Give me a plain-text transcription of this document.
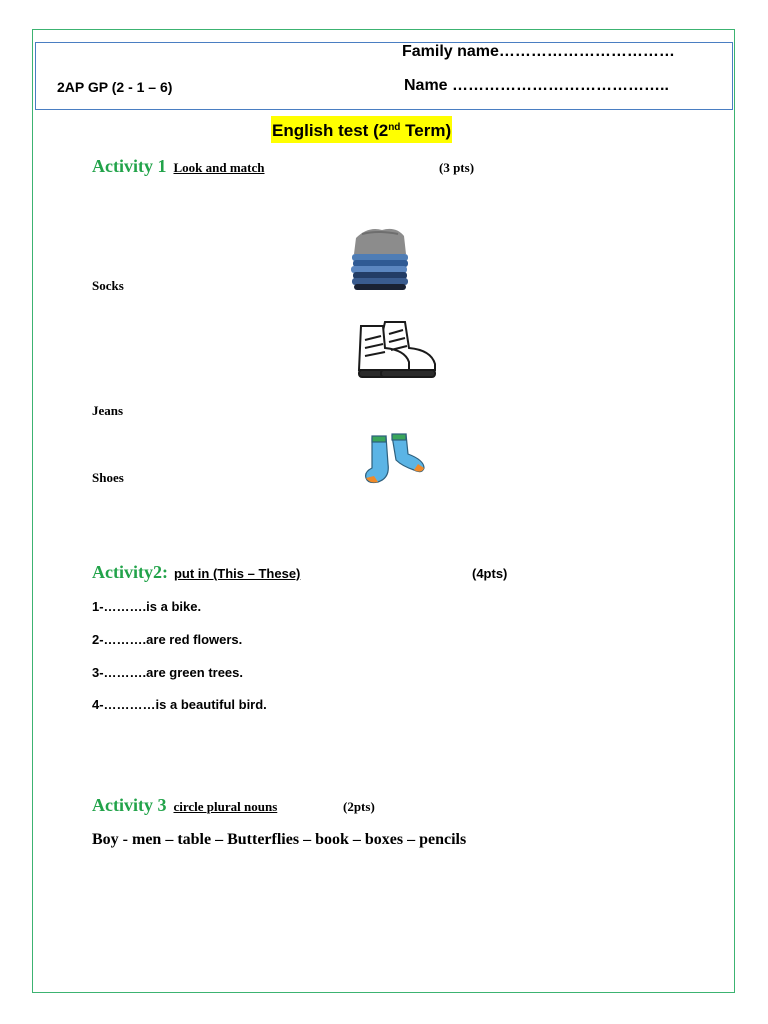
Family name……………………………
2AP GP (2 - 1 – 6)	Name …………………………………..
English test (2nd Term)
Activity 1 Look and match	(3 pts)
Socks
Jeans
Shoes
Activity2: put in (This – These)	(4pts)
1-……….is a bike.
2-……….are red flowers.
3-……….are green trees.
4-…………is a beautiful bird.
Activity 3 circle plural nouns	(2pts)
Boy - men – table – Butterflies – book – boxes – pencils
